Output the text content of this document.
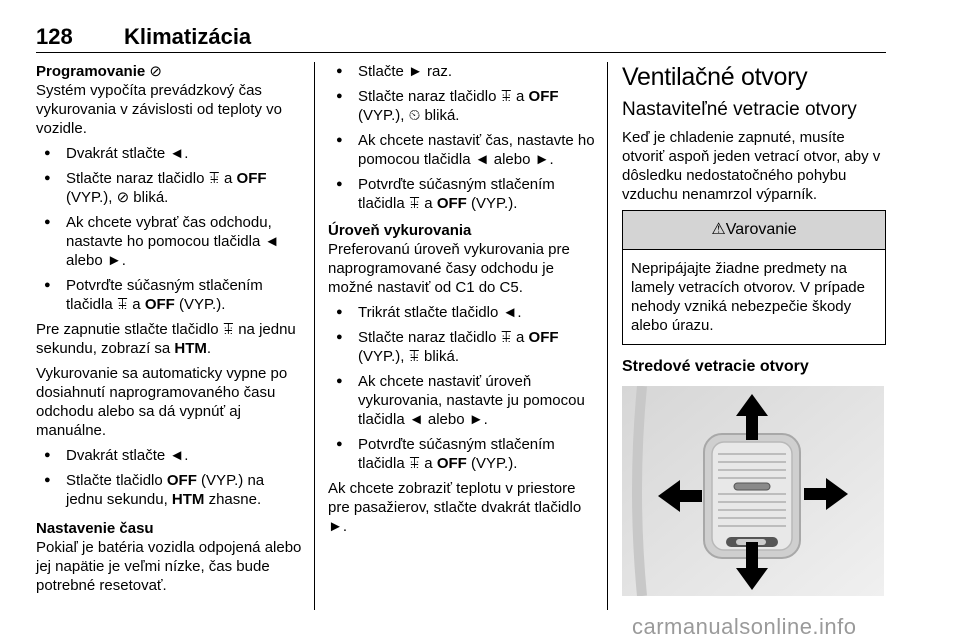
128	Klimatizácia

Programovanie ⊘

Systém vypočíta prevádzkový čas vykurovania v závislosti od teploty vo vozidle.

● Dvakrát stlačte ◄.
● Stlačte naraz tlačidlo ꔯ a OFF (VYP.), ⊘ bliká.
● Ak chcete vybrať čas odchodu, nastavte ho pomocou tlačidla ◄ alebo ►.
● Potvrďte súčasným stlačením tlačidla ꔯ a OFF (VYP.).

Pre zapnutie stlačte tlačidlo ꔯ na jednu sekundu, zobrazí sa HTM.

Vykurovanie sa automaticky vypne po dosiahnutí naprogramovaného času odchodu alebo sa dá vypnúť aj manuálne.

● Dvakrát stlačte ◄.
● Stlačte tlačidlo OFF (VYP.) na jednu sekundu, HTM zhasne.

Nastavenie času

Pokiaľ je batéria vozidla odpojená alebo jej napätie je veľmi nízke, čas bude potrebné resetovať.

● Stlačte ► raz.
● Stlačte naraz tlačidlo ꔯ a OFF (VYP.), ⏲ bliká.
● Ak chcete nastaviť čas, nastavte ho pomocou tlačidla ◄ alebo ►.
● Potvrďte súčasným stlačením tlačidla ꔯ a OFF (VYP.).

Úroveň vykurovania

Preferovanú úroveň vykurovania pre naprogramované časy odchodu je možné nastaviť od C1 do C5.

● Trikrát stlačte tlačidlo ◄.
● Stlačte naraz tlačidlo ꔯ a OFF (VYP.), ꔯ bliká.
● Ak chcete nastaviť úroveň vykurovania, nastavte ju pomocou tlačidla ◄ alebo ►.
● Potvrďte súčasným stlačením tlačidla ꔯ a OFF (VYP.).

Ak chcete zobraziť teplotu v priestore pre pasažierov, stlačte dvakrát tlačidlo ►.

Ventilačné otvory

Nastaviteľné vetracie otvory

Keď je chladenie zapnuté, musíte otvoriť aspoň jeden vetrací otvor, aby v dôsledku nedostatočného pohybu vzduchu nenamrzol výparník.

⚠Varovanie
Nepripájajte žiadne predmety na lamely vetracích otvorov. V prípade nehody vzniká nebezpečie škody alebo úrazu.

Stredové vetracie otvory

carmanualsonline.info
